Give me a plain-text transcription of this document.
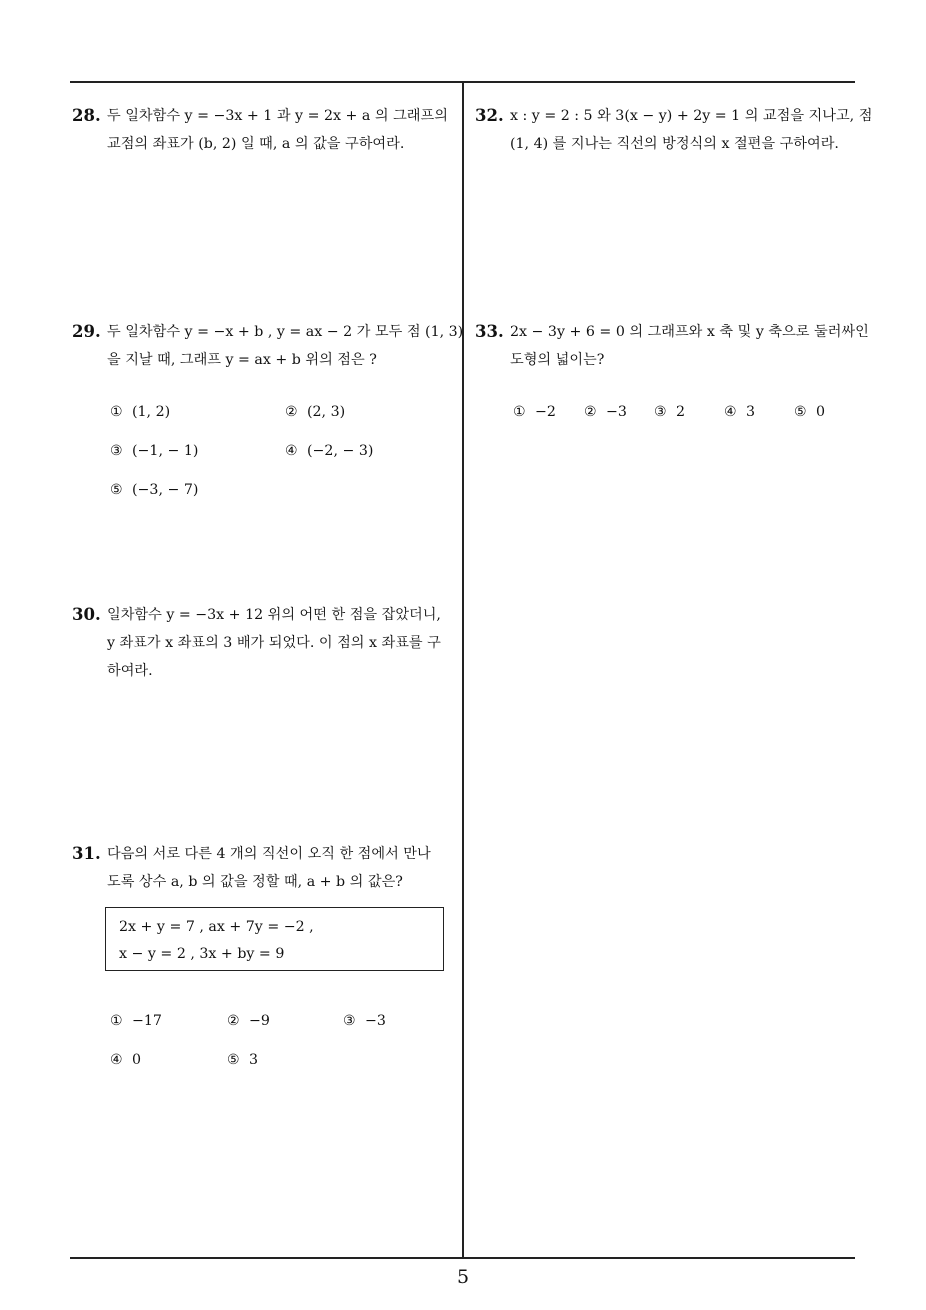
28. 두 일차함수 y = −3x + 1 과 y = 2x + a 의 그래프의
교점의 좌표가 (b, 2) 일 때, a 의 값을 구하여라.
29. 두 일차함수 y = −x + b , y = ax − 2 가 모두 점 (1, 3)
을 지날 때, 그래프 y = ax + b 위의 점은 ?
① (1, 2)	② (2, 3)
③ (−1, − 1)	④ (−2, − 3)
⑤ (−3, − 7)
30. 일차함수 y = −3x + 12 위의 어떤 한 점을 잡았더니,
y 좌표가 x 좌표의 3 배가 되었다. 이 점의 x 좌표를 구
하여라.
31. 다음의 서로 다른 4 개의 직선이 오직 한 점에서 만나
도록 상수 a, b 의 값을 정할 때, a + b 의 값은?
2x + y = 7 , ax + 7y = −2 ,
x − y = 2 , 3x + by = 9
① −17	② −9	③ −3
④ 0	⑤ 3
32. x : y = 2 : 5 와 3(x − y) + 2y = 1 의 교점을 지나고, 점
(1, 4) 를 지나는 직선의 방정식의 x 절편을 구하여라.
33. 2x − 3y + 6 = 0 의 그래프와 x 축 및 y 축으로 둘러싸인
도형의 넓이는?
① −2 ② −3 ③ 2	④ 3	⑤ 0
5
